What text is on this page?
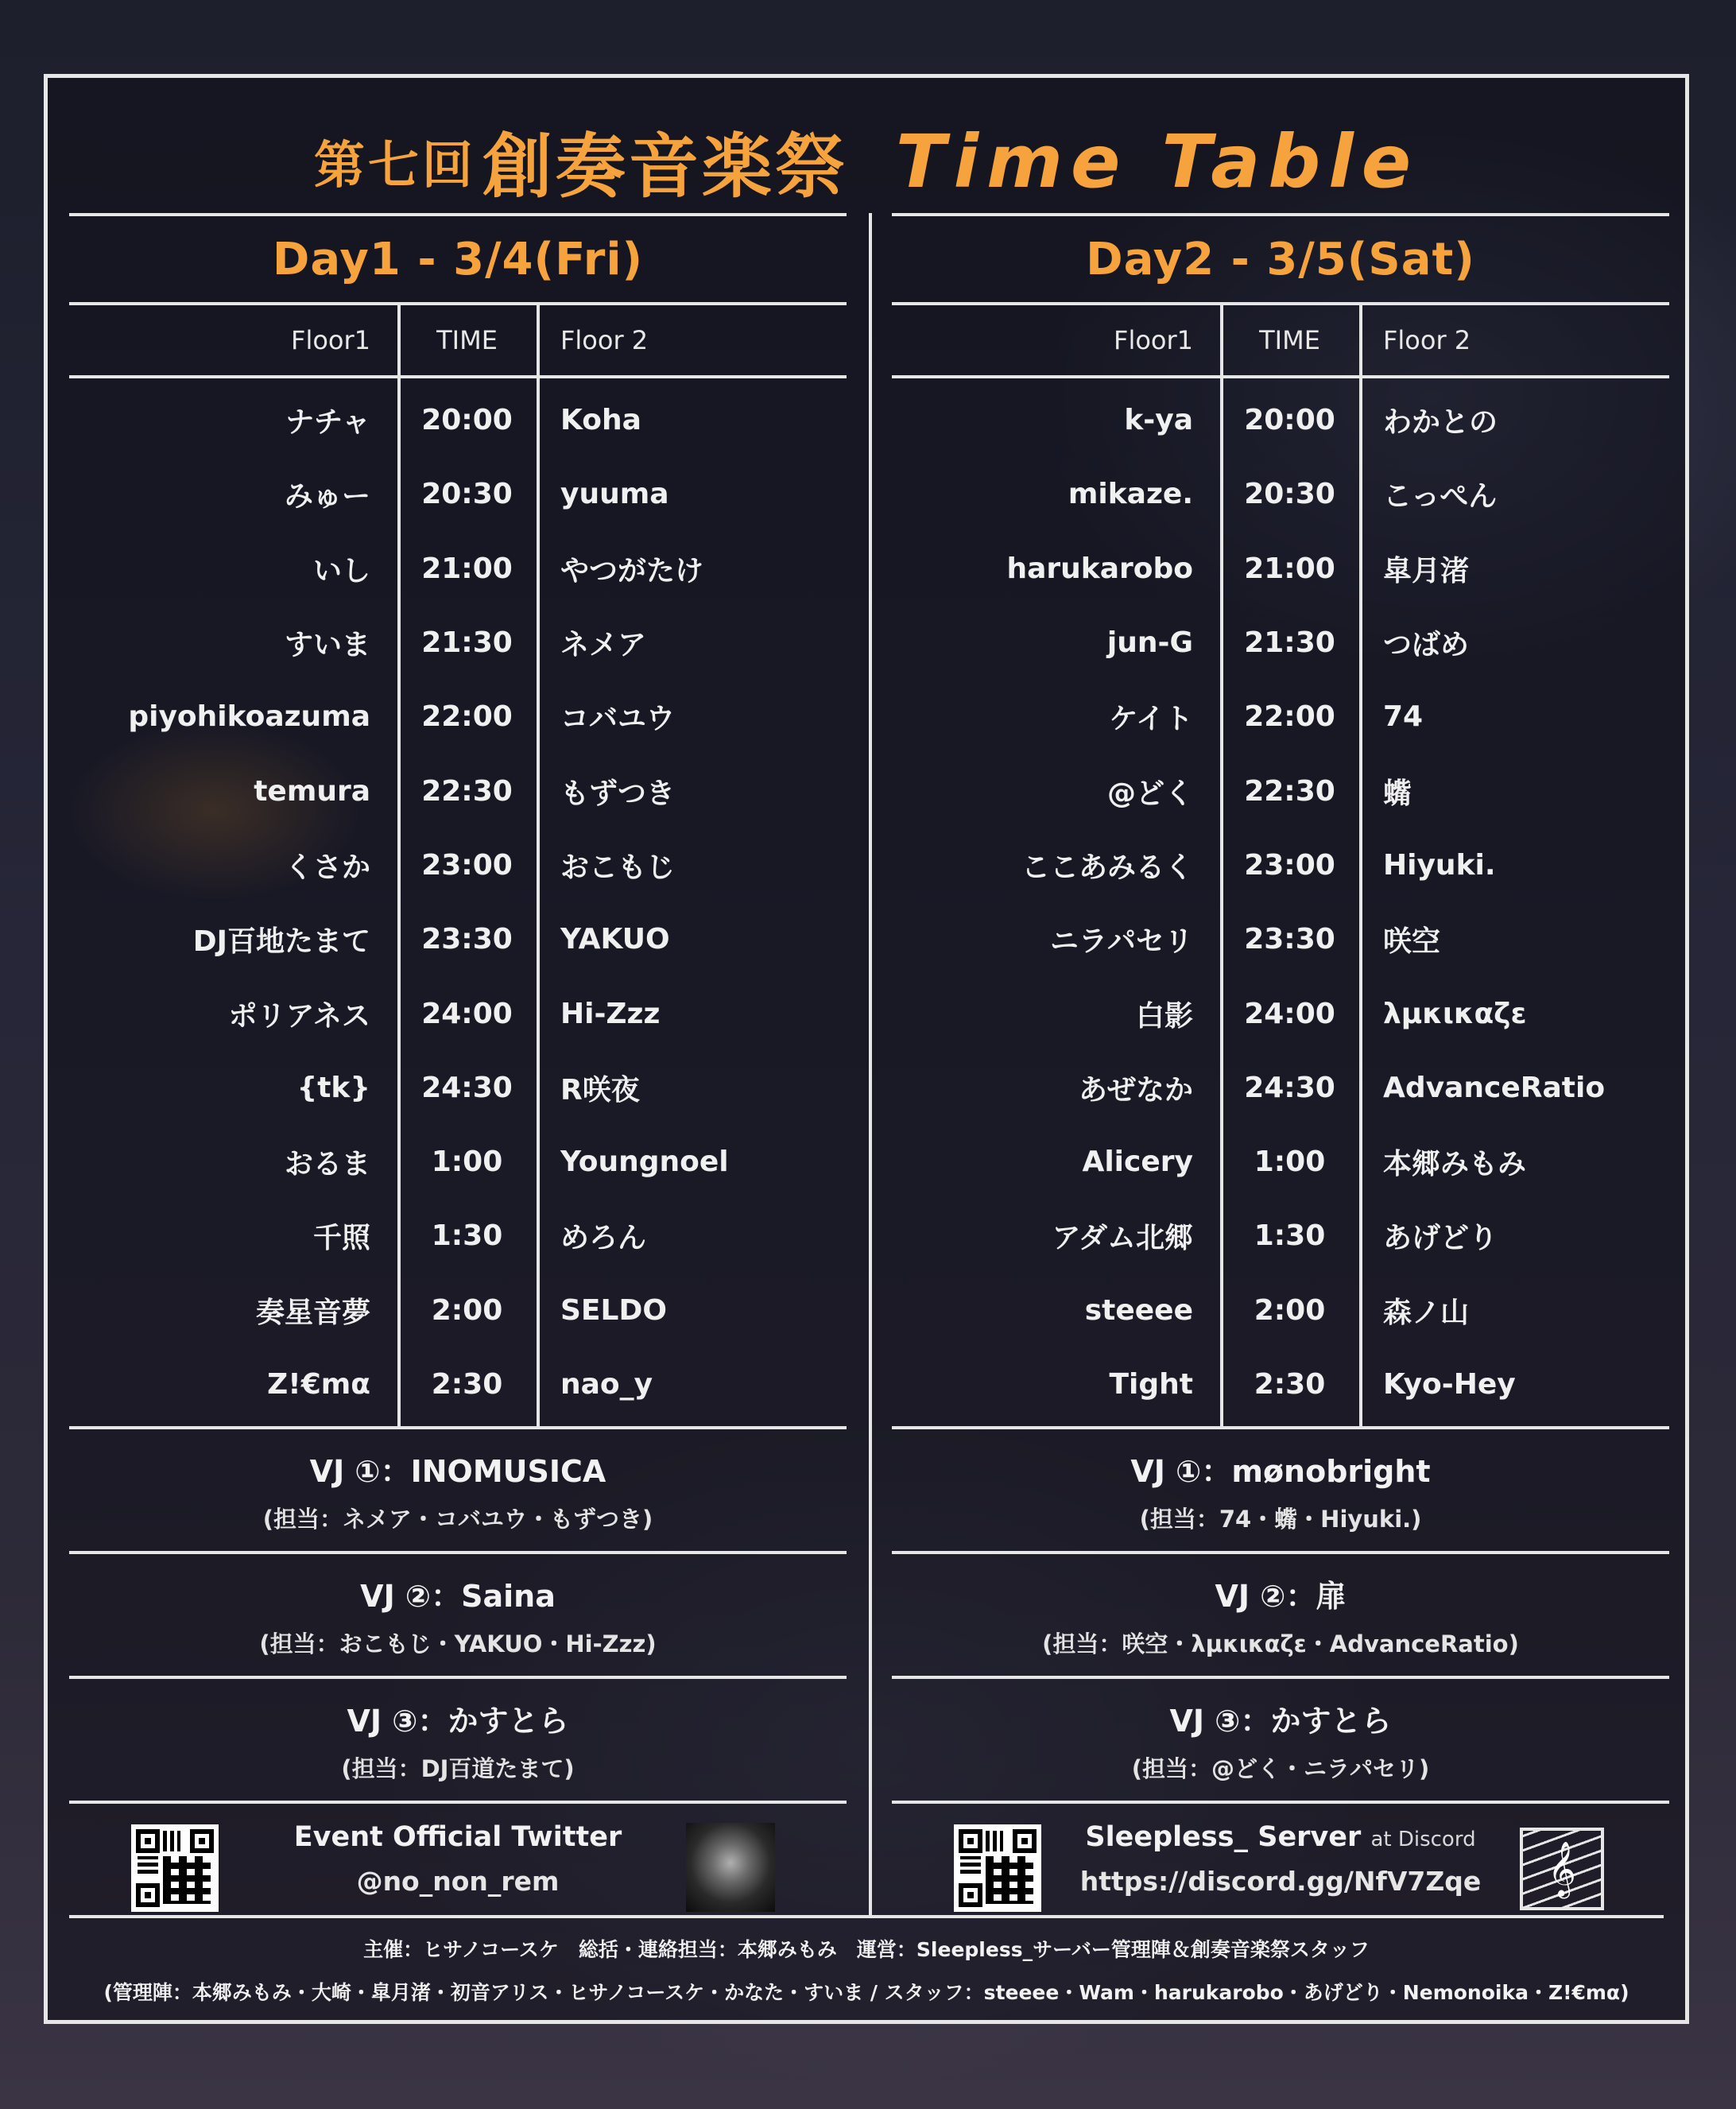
第七回 創奏音楽祭 Time Table
Day1 - 3/4(Fri)
Floor1	TIME	Floor 2
ナチャ	20:00	Koha
みゅー	20:30	yuuma
いし	21:00	やつがたけ
すいま	21:30	ネメア
piyohikoazuma	22:00	コバユウ
temura	22:30	もずつき
くさか	23:00	おこもじ
DJ百地たまて	23:30	YAKUO
ポリアネス	24:00	Hi-Zzz
{tk}	24:30	R咲夜
おるま	1:00	Youngnoel
千照	1:30	めろん
奏星音夢	2:00	SELDO
Z!€mα	2:30	nao_y
VJ ①：INOMUSICA
(担当：ネメア・コバユウ・もずつき)
VJ ②：Saina
(担当：おこもじ・YAKUO・Hi-Zzz)
VJ ③：かすとら
(担当：DJ百道たまて)
Event Official Twitter
@no_non_rem
Day2 - 3/5(Sat)
Floor1	TIME	Floor 2
k-ya	20:00	わかとの
mikaze.	20:30	こっぺん
harukarobo	21:00	皐月渚
jun-G	21:30	つばめ
ケイト	22:00	74
@どく	22:30	蟕
ここあみるく	23:00	Hiyuki.
ニラパセリ	23:30	咲空
白影	24:00	λμκικαζε
あぜなか	24:30	AdvanceRatio
Alicery	1:00	本郷みもみ
アダム北郷	1:30	あげどり
steeee	2:00	森ノ山
Tight	2:30	Kyo-Hey
VJ ①：mønobright
(担当：74・蟕・Hiyuki.)
VJ ②：扉
(担当：咲空・λμκικαζε・AdvanceRatio)
VJ ③：かすとら
(担当：@どく・ニラパセリ)
Sleepless_ Server at Discord
https://discord.gg/NfV7Zqe	𝄞
主催：ヒサノコースケ　総括・連絡担当：本郷みもみ　運営：Sleepless_サーバー管理陣＆創奏音楽祭スタッフ
(管理陣：本郷みもみ・大崎・皐月渚・初音アリス・ヒサノコースケ・かなた・すいま / スタッフ：steeee・Wam・harukarobo・あげどり・Nemonoika・Z!€mα)
